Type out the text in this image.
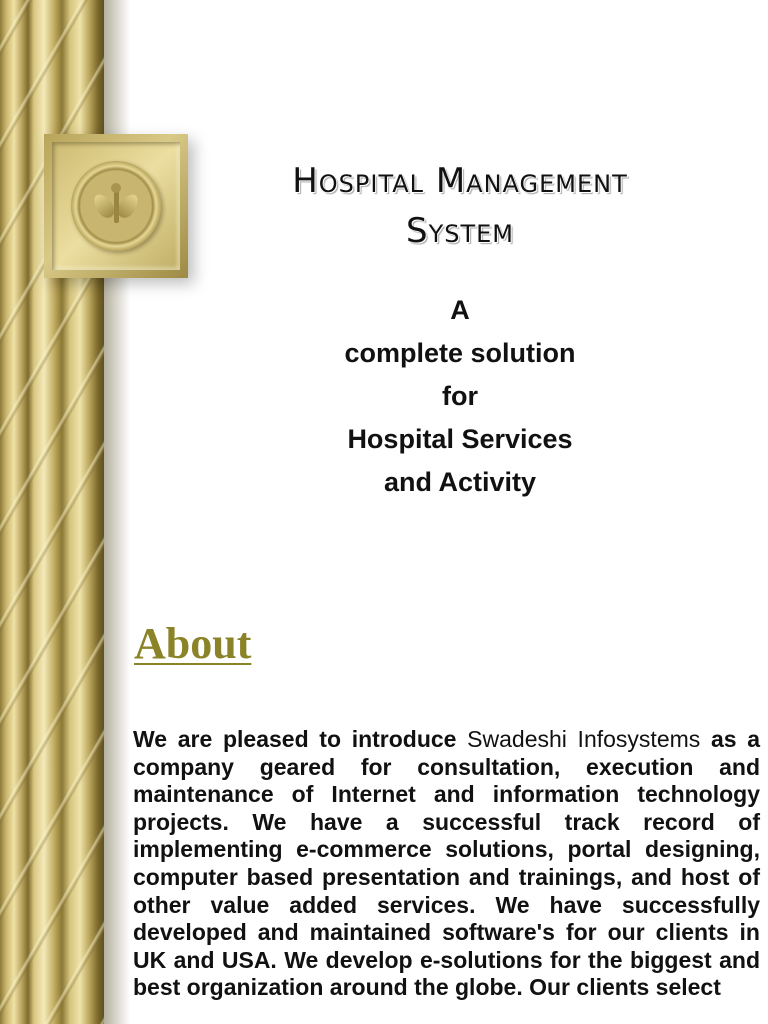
Hospital Management
System
A
complete solution
for
Hospital Services
and Activity
About
We are pleased to introduce Swadeshi Infosystems as a company geared for consultation, execution and maintenance of Internet and information technology projects. We have a successful track record of implementing e-commerce solutions, portal designing, computer based presentation and trainings, and host of other value added services. We have successfully developed and maintained software's for our clients in UK and USA. We develop e-solutions for the biggest and best organization around the globe. Our clients select
